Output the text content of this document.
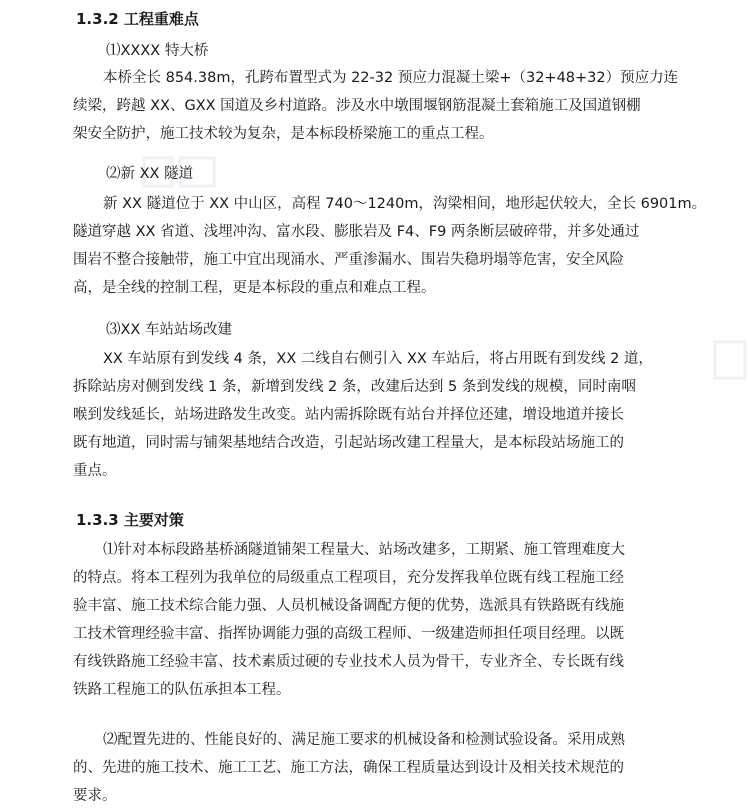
1.3.2 工程重难点
⑴XXXX 特大桥
本桥全长 854.38m，孔跨布置型式为 22-32 预应力混凝土梁+（32+48+32）预应力连
续梁，跨越 XX、GXX 国道及乡村道路。涉及水中墩围堰钢筋混凝土套箱施工及国道钢棚
架安全防护，施工技术较为复杂，是本标段桥梁施工的重点工程。
⑵新 XX 隧道
新 XX 隧道位于 XX 中山区，高程 740～1240m，沟梁相间，地形起伏较大，全长 6901m。
隧道穿越 XX 省道、浅埋冲沟、富水段、膨胀岩及 F4、F9 两条断层破碎带，并多处通过
围岩不整合接触带，施工中宜出现涌水、严重渗漏水、围岩失稳坍塌等危害，安全风险
高，是全线的控制工程，更是本标段的重点和难点工程。
⑶XX 车站站场改建
XX 车站原有到发线 4 条，XX 二线自右侧引入 XX 车站后，将占用既有到发线 2 道，
拆除站房对侧到发线 1 条，新增到发线 2 条，改建后达到 5 条到发线的规模，同时南咽
喉到发线延长，站场进路发生改变。站内需拆除既有站台并择位还建，增设地道并接长
既有地道，同时需与铺架基地结合改造，引起站场改建工程量大，是本标段站场施工的
重点。
1.3.3 主要对策
⑴针对本标段路基桥涵隧道铺架工程量大、站场改建多，工期紧、施工管理难度大
的特点。将本工程列为我单位的局级重点工程项目，充分发挥我单位既有线工程施工经
验丰富、施工技术综合能力强、人员机械设备调配方便的优势，选派具有铁路既有线施
工技术管理经验丰富、指挥协调能力强的高级工程师、一级建造师担任项目经理。以既
有线铁路施工经验丰富、技术素质过硬的专业技术人员为骨干，专业齐全、专长既有线
铁路工程施工的队伍承担本工程。
⑵配置先进的、性能良好的、满足施工要求的机械设备和检测试验设备。采用成熟
的、先进的施工技术、施工工艺、施工方法，确保工程质量达到设计及相关技术规范的
要求。
